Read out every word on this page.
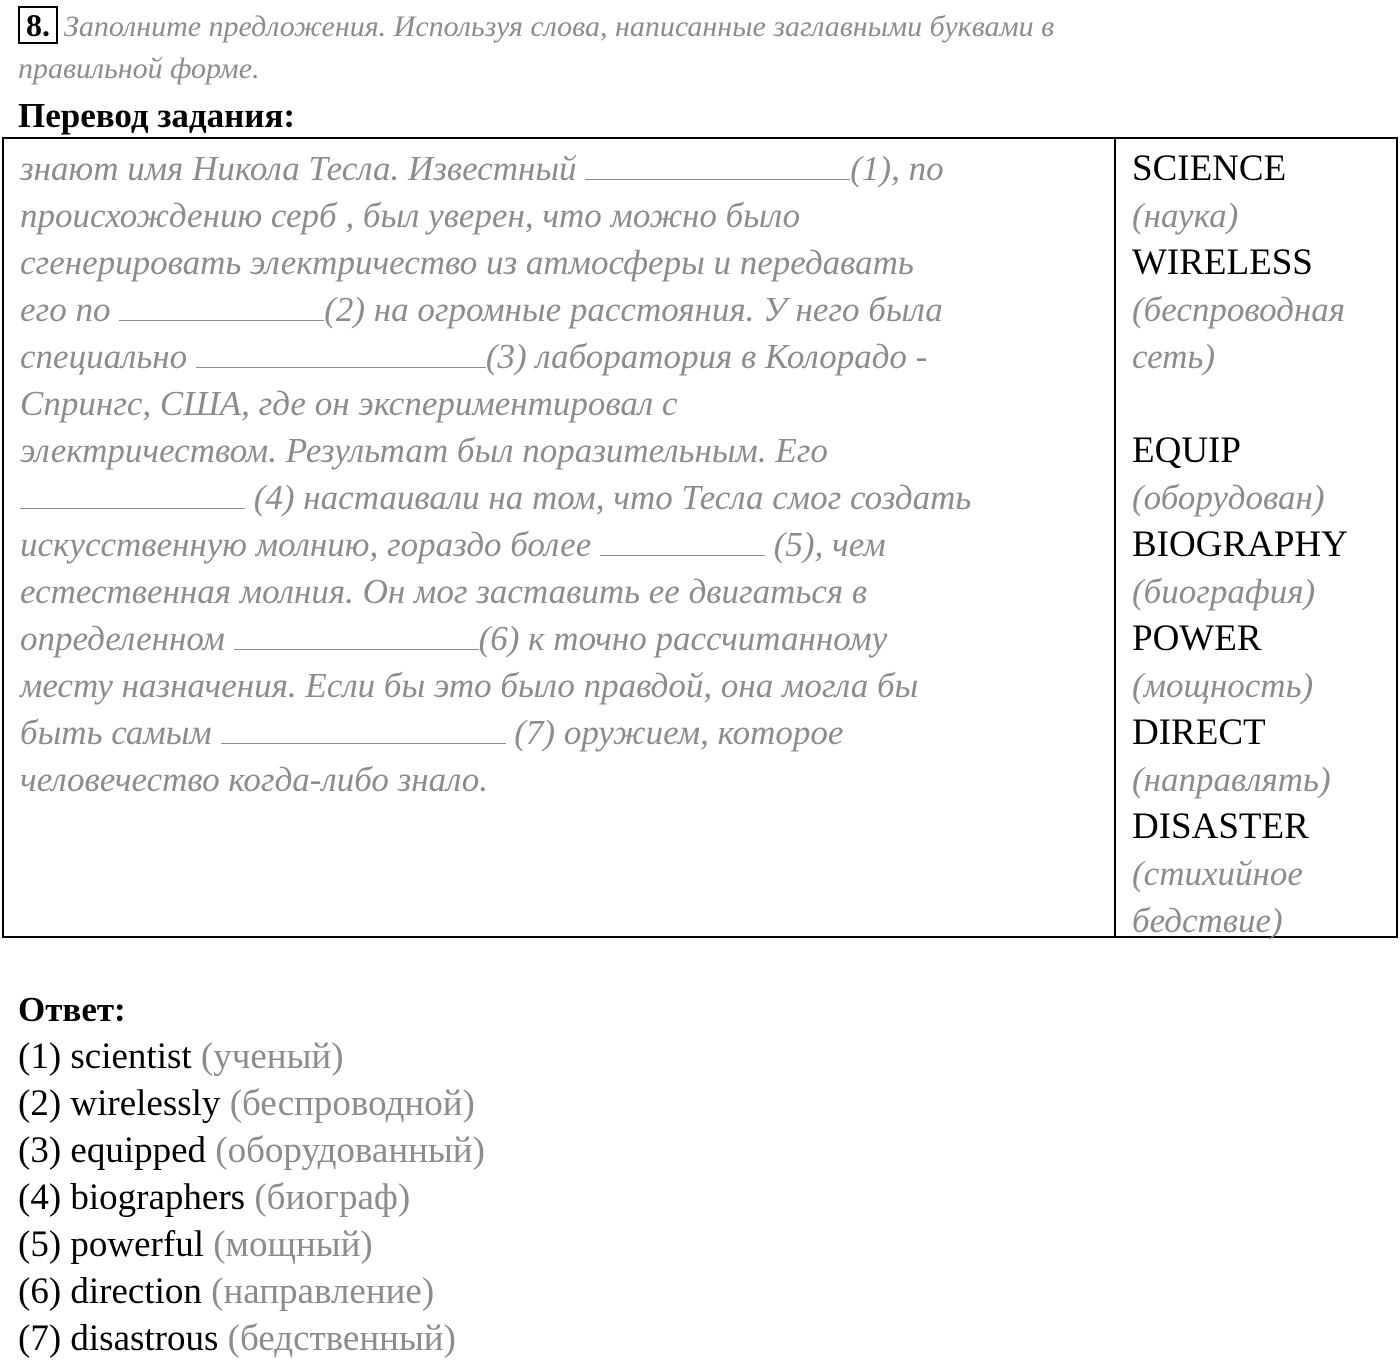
8. Заполните предложения. Используя слова, написанные заглавными буквами в
правильной форме.
Перевод задания:
знают имя Никола Тесла. Известный	(1), по
происхождению серб , был уверен, что можно было
сгенерировать электричество из атмосферы и передавать
его по	(2) на огромные расстояния. У него была
специально	(3) лаборатория в Колорадо -
Спрингс, США, где он экспериментировал с
электричеством. Результат был поразительным. Его
(4) настаивали на том, что Тесла смог создать
искусственную молнию, гораздо более	(5), чем
естественная молния. Он мог заставить ее двигаться в
определенном	(6) к точно рассчитанному
месту назначения. Если бы это было правдой, она могла бы
быть самым	(7) оружием, которое
человечество когда-либо знало.
SCIENCE
(наука)
WIRELESS
(беспроводная
сеть)
EQUIP
(оборудован)
BIOGRAPHY
(биография)
POWER
(мощность)
DIRECT
(направлять)
DISASTER
(стихийное
бедствие)
Ответ:
(1) scientist (ученый)
(2) wirelessly (беспроводной)
(3) equipped (оборудованный)
(4) biographers (биограф)
(5) powerful (мощный)
(6) direction (направление)
(7) disastrous (бедственный)
